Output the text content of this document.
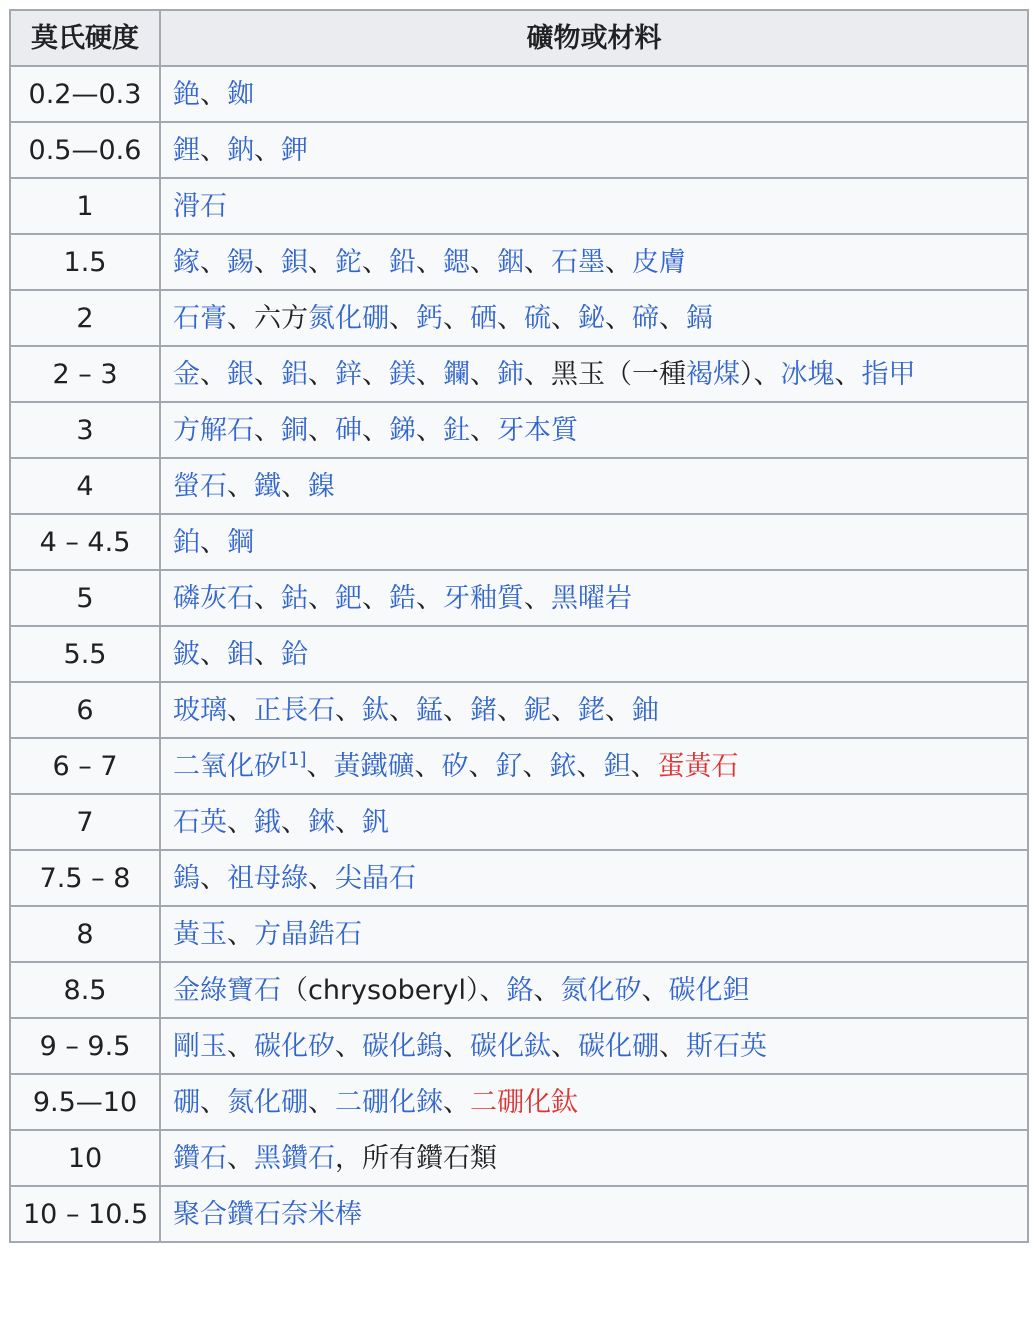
莫氏硬度	礦物或材料
0.2—0.3	銫、銣
0.5—0.6	鋰、鈉、鉀
1	滑石
1.5	鎵、錫、鋇、鉈、鉛、鍶、銦、石墨、皮膚
2	石膏、六方氮化硼、鈣、硒、硫、鉍、碲、鎘
2 – 3	金、銀、鋁、鋅、鎂、鑭、鈰、黑玉（一種褐煤）、冰塊、指甲
3	方解石、銅、砷、銻、釷、牙本質
4	螢石、鐵、鎳
4 – 4.5	鉑、鋼
5	磷灰石、鈷、鈀、鋯、牙釉質、黑曜岩
5.5	鈹、鉬、鉿
6	玻璃、正長石、鈦、錳、鍺、鈮、銠、鈾
6 – 7	二氧化矽[1]、黃鐵礦、矽、釕、銥、鉭、蛋黃石
7	石英、鋨、錸、釩
7.5 – 8	鎢、祖母綠、尖晶石
8	黃玉、方晶鋯石
8.5	金綠寶石（chrysoberyl）、鉻、氮化矽、碳化鉭
9 – 9.5	剛玉、碳化矽、碳化鎢、碳化鈦、碳化硼、斯石英
9.5—10	硼、氮化硼、二硼化錸、二硼化鈦
10	鑽石、黑鑽石，所有鑽石類
10 – 10.5	聚合鑽石奈米棒
